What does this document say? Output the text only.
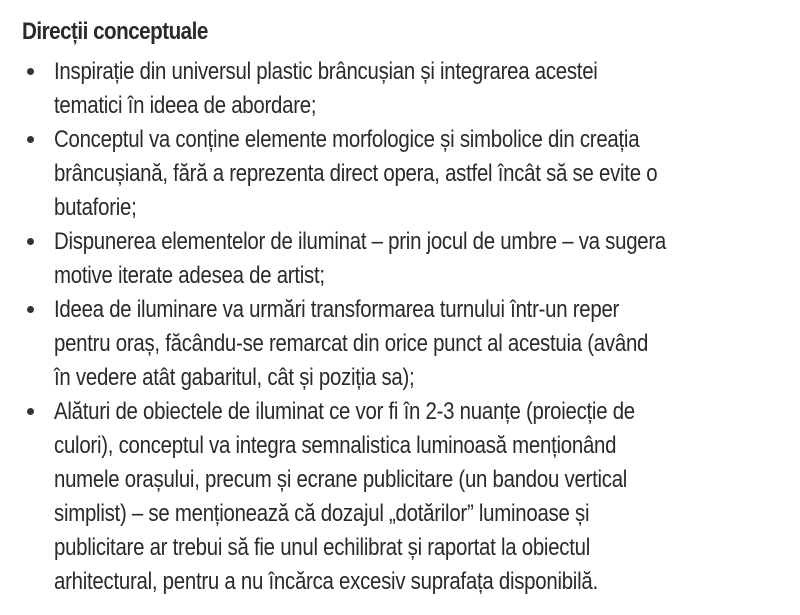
Direcții conceptuale
Inspirație din universul plastic brâncușian și integrarea acestei
tematici în ideea de abordare;
Conceptul va conține elemente morfologice și simbolice din creația
brâncușiană, fără a reprezenta direct opera, astfel încât să se evite o
butaforie;
Dispunerea elementelor de iluminat – prin jocul de umbre – va sugera
motive iterate adesea de artist;
Ideea de iluminare va urmări transformarea turnului într-un reper
pentru oraș, făcându-se remarcat din orice punct al acestuia (având
în vedere atât gabaritul, cât și poziția sa);
Alături de obiectele de iluminat ce vor fi în 2-3 nuanțe (proiecție de
culori), conceptul va integra semnalistica luminoasă menționând
numele orașului, precum și ecrane publicitare (un bandou vertical
simplist) – se menționează că dozajul „dotărilor” luminoase și
publicitare ar trebui să fie unul echilibrat și raportat la obiectul
arhitectural, pentru a nu încărca excesiv suprafața disponibilă.
